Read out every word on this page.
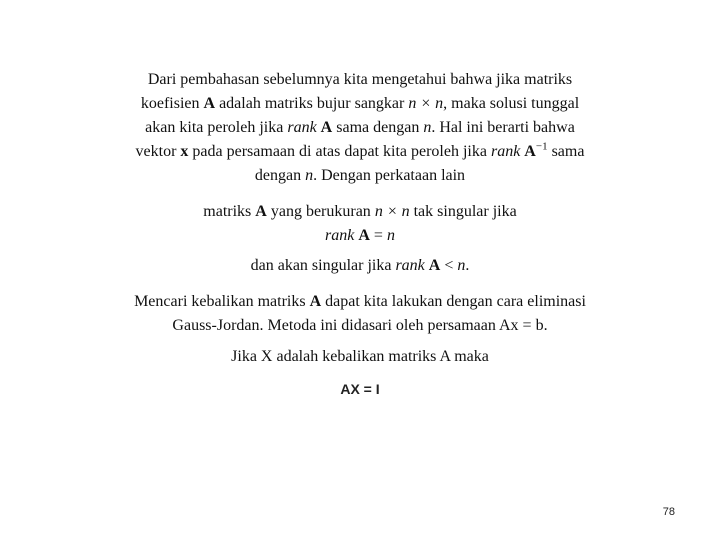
Dari pembahasan sebelumnya kita mengetahui bahwa jika matriks
koefisien A adalah matriks bujur sangkar n × n, maka solusi tunggal
akan kita peroleh jika rank A sama dengan n. Hal ini berarti bahwa
vektor x pada persamaan di atas dapat kita peroleh jika rank $A^{-1}$ sama
dengan n. Dengan perkataan lain

matriks A yang berukuran n × n tak singular jika
rank A = n

dan akan singular jika rank A < n.

Mencari kebalikan matriks A dapat kita lakukan dengan cara eliminasi
Gauss-Jordan. Metoda ini didasari oleh persamaan Ax = b.

Jika X adalah kebalikan matriks A maka

AX = I
78
